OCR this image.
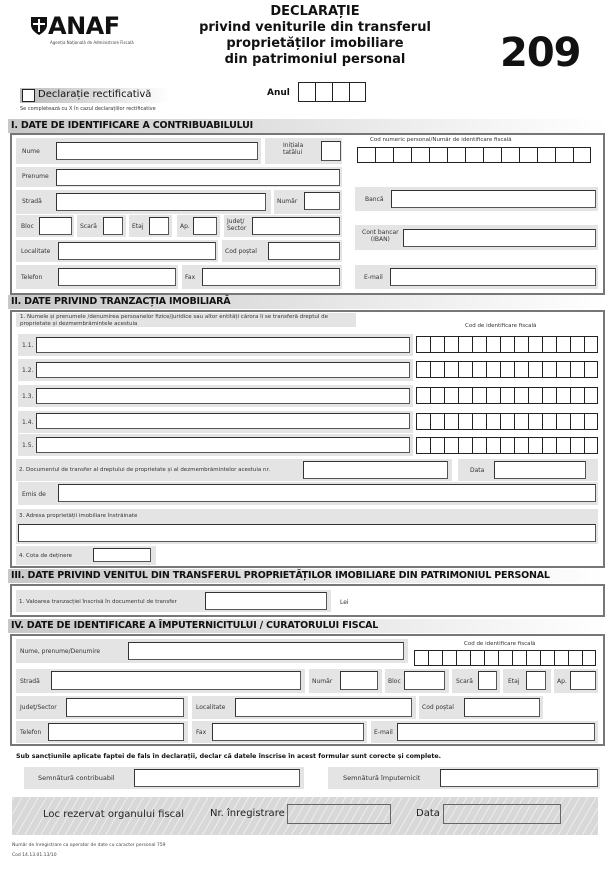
ANAF
Agenția Națională de Administrare Fiscală
DECLARAȚIE
privind veniturile din transferul
proprietăților imobiliare
din patrimoniul personal	209
Declarație rectificativă
Se completează cu X în cazul declarațiilor rectificative
Anul
I. DATE DE IDENTIFICARE A CONTRIBUABILULUI
Nume
Inițiala
tatălui
Prenume
Stradă	Număr
Bloc	Scară	Etaj	Ap.
Județ/
Sector
Localitate	Cod poștal
Telefon	Fax
Cod numeric personal/Număr de identificare fiscală
Bancă
Cont bancar
(IBAN)
E-mail
II. DATE PRIVIND TRANZACȚIA IMOBILIARĂ
1. Numele și prenumele /denumirea persoanelor fizice/juridice sau altor entități cărora li se transferă dreptul de
proprietate și dezmembrămintele acestuia	Cod de identificare fiscală
1.1.
1.2.
1.3.
1.4.
1.5.
2. Documentul de transfer al dreptului de proprietate și al dezmembrămintelor acestuia nr.	Data
Emis de
3. Adresa proprietății imobiliare înstrăinate
4. Cota de deținere
III. DATE PRIVIND VENITUL DIN TRANSFERUL PROPRIETĂȚILOR IMOBILIARE DIN PATRIMONIUL PERSONAL
1. Valoarea tranzacției înscrisă în documentul de transfer	Lei
IV. DATE DE IDENTIFICARE A ÎMPUTERNICITULUI / CURATORULUI FISCAL
Nume, prenume/Denumire
Cod de identificare fiscală
Stradă	Număr	Bloc	Scară	Etaj	Ap.
Județ/Sector	Localitate	Cod poștal
Telefon	Fax	E-mail
Sub sancțiunile aplicate faptei de fals în declarații, declar că datele înscrise în acest formular sunt corecte și complete.
Semnătură contribuabil	Semnătură împuternicit
Loc rezervat organului fiscal	Nr. înregistrare	Data
Număr de înregistrare ca operator de date cu caracter personal 759
Cod 14.13.01.13/10
